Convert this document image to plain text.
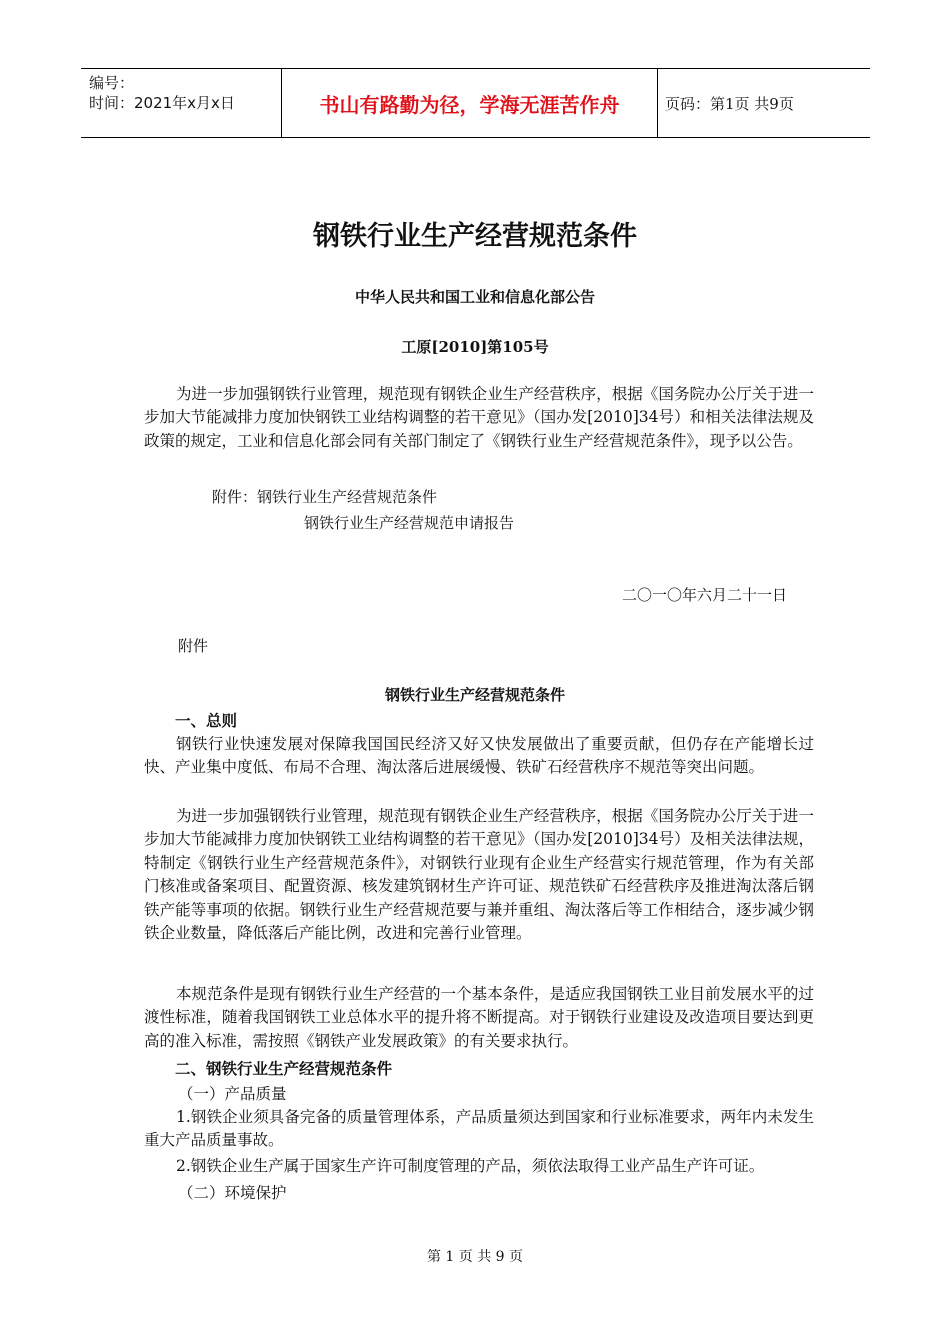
编号：
时间：2021年x月x日	书山有路勤为径，学海无涯苦作舟	页码：第1页 共9页
钢铁行业生产经营规范条件
中华人民共和国工业和信息化部公告
工原[2010]第105号

为进一步加强钢铁行业管理，规范现有钢铁企业生产经营秩序，根据《国务院办公厅关于进一步加大节能减排力度加快钢铁工业结构调整的若干意见》（国办发[2010]34号）和相关法律法规及政策的规定，工业和信息化部会同有关部门制定了《钢铁行业生产经营规范条件》，现予以公告。

附件：钢铁行业生产经营规范条件
钢铁行业生产经营规范申请报告
二〇一〇年六月二十一日
附件
钢铁行业生产经营规范条件
一、总则

钢铁行业快速发展对保障我国国民经济又好又快发展做出了重要贡献，但仍存在产能增长过快、产业集中度低、布局不合理、淘汰落后进展缓慢、铁矿石经营秩序不规范等突出问题。

为进一步加强钢铁行业管理，规范现有钢铁企业生产经营秩序，根据《国务院办公厅关于进一步加大节能减排力度加快钢铁工业结构调整的若干意见》（国办发[2010]34号）及相关法律法规，特制定《钢铁行业生产经营规范条件》，对钢铁行业现有企业生产经营实行规范管理，作为有关部门核准或备案项目、配置资源、核发建筑钢材生产许可证、规范铁矿石经营秩序及推进淘汰落后钢铁产能等事项的依据。钢铁行业生产经营规范要与兼并重组、淘汰落后等工作相结合，逐步减少钢铁企业数量，降低落后产能比例，改进和完善行业管理。

本规范条件是现有钢铁行业生产经营的一个基本条件，是适应我国钢铁工业目前发展水平的过渡性标准，随着我国钢铁工业总体水平的提升将不断提高。对于钢铁行业建设及改造项目要达到更高的准入标准，需按照《钢铁产业发展政策》的有关要求执行。

二、钢铁行业生产经营规范条件
（一）产品质量

1.钢铁企业须具备完备的质量管理体系，产品质量须达到国家和行业标准要求，两年内未发生重大产品质量事故。

2.钢铁企业生产属于国家生产许可制度管理的产品，须依法取得工业产品生产许可证。

（二）环境保护
第 1 页 共 9 页
